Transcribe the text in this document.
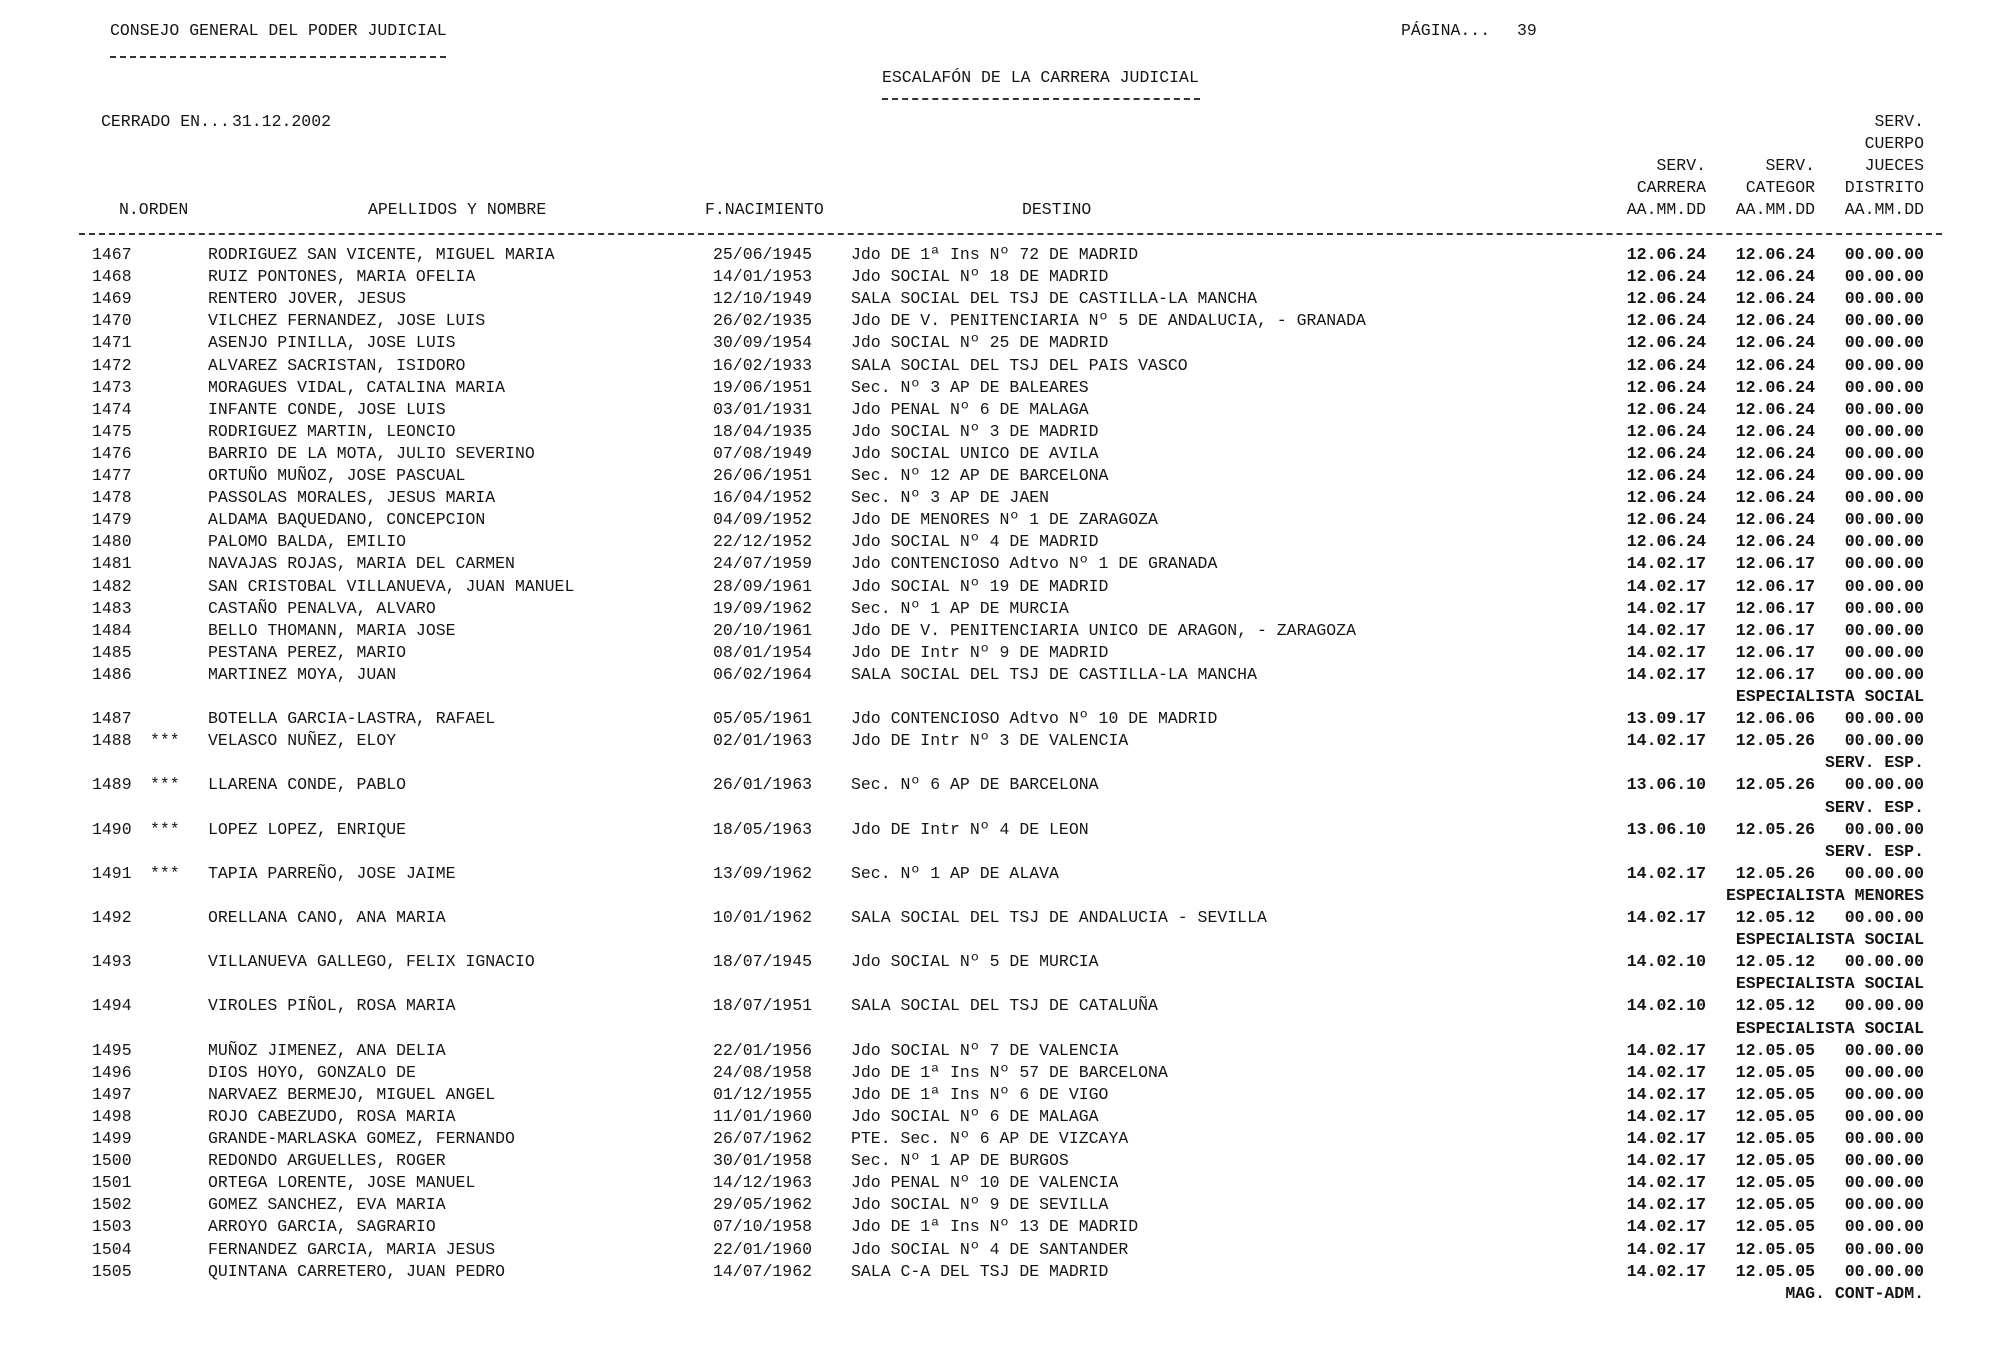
CONSEJO GENERAL DEL PODER JUDICIAL	PÁGINA... 39
ESCALAFÓN DE LA CARRERA JUDICIAL
CERRADO EN... 31.12.2002
N.ORDEN	APELLIDOS Y NOMBRE	F.NACIMIENTO	DESTINO
SERV.
CARRERA
AA.MM.DD
SERV.
CATEGOR
AA.MM.DD
SERV.
CUERPO
JUECES
DISTRITO
AA.MM.DD
1467	RODRIGUEZ SAN VICENTE, MIGUEL MARIA	25/06/1945 Jdo DE 1ª Ins Nº 72 DE MADRID	12.06.24 12.06.24 00.00.00
1468	RUIZ PONTONES, MARIA OFELIA	14/01/1953 Jdo SOCIAL Nº 18 DE MADRID	12.06.24 12.06.24 00.00.00
1469	RENTERO JOVER, JESUS	12/10/1949 SALA SOCIAL DEL TSJ DE CASTILLA-LA MANCHA	12.06.24 12.06.24 00.00.00
1470	VILCHEZ FERNANDEZ, JOSE LUIS	26/02/1935 Jdo DE V. PENITENCIARIA Nº 5 DE ANDALUCIA, - GRANADA	12.06.24 12.06.24 00.00.00
1471	ASENJO PINILLA, JOSE LUIS	30/09/1954 Jdo SOCIAL Nº 25 DE MADRID	12.06.24 12.06.24 00.00.00
1472	ALVAREZ SACRISTAN, ISIDORO	16/02/1933 SALA SOCIAL DEL TSJ DEL PAIS VASCO	12.06.24 12.06.24 00.00.00
1473	MORAGUES VIDAL, CATALINA MARIA	19/06/1951 Sec. Nº 3 AP DE BALEARES	12.06.24 12.06.24 00.00.00
1474	INFANTE CONDE, JOSE LUIS	03/01/1931 Jdo PENAL Nº 6 DE MALAGA	12.06.24 12.06.24 00.00.00
1475	RODRIGUEZ MARTIN, LEONCIO	18/04/1935 Jdo SOCIAL Nº 3 DE MADRID	12.06.24 12.06.24 00.00.00
1476	BARRIO DE LA MOTA, JULIO SEVERINO	07/08/1949 Jdo SOCIAL UNICO DE AVILA	12.06.24 12.06.24 00.00.00
1477	ORTUÑO MUÑOZ, JOSE PASCUAL	26/06/1951 Sec. Nº 12 AP DE BARCELONA	12.06.24 12.06.24 00.00.00
1478	PASSOLAS MORALES, JESUS MARIA	16/04/1952 Sec. Nº 3 AP DE JAEN	12.06.24 12.06.24 00.00.00
1479	ALDAMA BAQUEDANO, CONCEPCION	04/09/1952 Jdo DE MENORES Nº 1 DE ZARAGOZA	12.06.24 12.06.24 00.00.00
1480	PALOMO BALDA, EMILIO	22/12/1952 Jdo SOCIAL Nº 4 DE MADRID	12.06.24 12.06.24 00.00.00
1481	NAVAJAS ROJAS, MARIA DEL CARMEN	24/07/1959 Jdo CONTENCIOSO Adtvo Nº 1 DE GRANADA	14.02.17 12.06.17 00.00.00
1482	SAN CRISTOBAL VILLANUEVA, JUAN MANUEL	28/09/1961 Jdo SOCIAL Nº 19 DE MADRID	14.02.17 12.06.17 00.00.00
1483	CASTAÑO PENALVA, ALVARO	19/09/1962 Sec. Nº 1 AP DE MURCIA	14.02.17 12.06.17 00.00.00
1484	BELLO THOMANN, MARIA JOSE	20/10/1961 Jdo DE V. PENITENCIARIA UNICO DE ARAGON, - ZARAGOZA	14.02.17 12.06.17 00.00.00
1485	PESTANA PEREZ, MARIO	08/01/1954 Jdo DE Intr Nº 9 DE MADRID	14.02.17 12.06.17 00.00.00
1486	MARTINEZ MOYA, JUAN	06/02/1964 SALA SOCIAL DEL TSJ DE CASTILLA-LA MANCHA	14.02.17 12.06.17 00.00.00
ESPECIALISTA SOCIAL
1487	BOTELLA GARCIA-LASTRA, RAFAEL	05/05/1961 Jdo CONTENCIOSO Adtvo Nº 10 DE MADRID	13.09.17 12.06.06 00.00.00
1488 *** VELASCO NUÑEZ, ELOY	02/01/1963 Jdo DE Intr Nº 3 DE VALENCIA	14.02.17 12.05.26 00.00.00
SERV. ESP.
1489 *** LLARENA CONDE, PABLO	26/01/1963 Sec. Nº 6 AP DE BARCELONA	13.06.10 12.05.26 00.00.00
SERV. ESP.
1490 *** LOPEZ LOPEZ, ENRIQUE	18/05/1963 Jdo DE Intr Nº 4 DE LEON	13.06.10 12.05.26 00.00.00
SERV. ESP.
1491 *** TAPIA PARREÑO, JOSE JAIME	13/09/1962 Sec. Nº 1 AP DE ALAVA	14.02.17 12.05.26 00.00.00
ESPECIALISTA MENORES
1492	ORELLANA CANO, ANA MARIA	10/01/1962 SALA SOCIAL DEL TSJ DE ANDALUCIA - SEVILLA	14.02.17 12.05.12 00.00.00
ESPECIALISTA SOCIAL
1493	VILLANUEVA GALLEGO, FELIX IGNACIO	18/07/1945 Jdo SOCIAL Nº 5 DE MURCIA	14.02.10 12.05.12 00.00.00
ESPECIALISTA SOCIAL
1494	VIROLES PIÑOL, ROSA MARIA	18/07/1951 SALA SOCIAL DEL TSJ DE CATALUÑA	14.02.10 12.05.12 00.00.00
ESPECIALISTA SOCIAL
1495	MUÑOZ JIMENEZ, ANA DELIA	22/01/1956 Jdo SOCIAL Nº 7 DE VALENCIA	14.02.17 12.05.05 00.00.00
1496	DIOS HOYO, GONZALO DE	24/08/1958 Jdo DE 1ª Ins Nº 57 DE BARCELONA	14.02.17 12.05.05 00.00.00
1497	NARVAEZ BERMEJO, MIGUEL ANGEL	01/12/1955 Jdo DE 1ª Ins Nº 6 DE VIGO	14.02.17 12.05.05 00.00.00
1498	ROJO CABEZUDO, ROSA MARIA	11/01/1960 Jdo SOCIAL Nº 6 DE MALAGA	14.02.17 12.05.05 00.00.00
1499	GRANDE-MARLASKA GOMEZ, FERNANDO	26/07/1962 PTE. Sec. Nº 6 AP DE VIZCAYA	14.02.17 12.05.05 00.00.00
1500	REDONDO ARGUELLES, ROGER	30/01/1958 Sec. Nº 1 AP DE BURGOS	14.02.17 12.05.05 00.00.00
1501	ORTEGA LORENTE, JOSE MANUEL	14/12/1963 Jdo PENAL Nº 10 DE VALENCIA	14.02.17 12.05.05 00.00.00
1502	GOMEZ SANCHEZ, EVA MARIA	29/05/1962 Jdo SOCIAL Nº 9 DE SEVILLA	14.02.17 12.05.05 00.00.00
1503	ARROYO GARCIA, SAGRARIO	07/10/1958 Jdo DE 1ª Ins Nº 13 DE MADRID	14.02.17 12.05.05 00.00.00
1504	FERNANDEZ GARCIA, MARIA JESUS	22/01/1960 Jdo SOCIAL Nº 4 DE SANTANDER	14.02.17 12.05.05 00.00.00
1505	QUINTANA CARRETERO, JUAN PEDRO	14/07/1962 SALA C-A DEL TSJ DE MADRID	14.02.17 12.05.05 00.00.00
MAG. CONT-ADM.
